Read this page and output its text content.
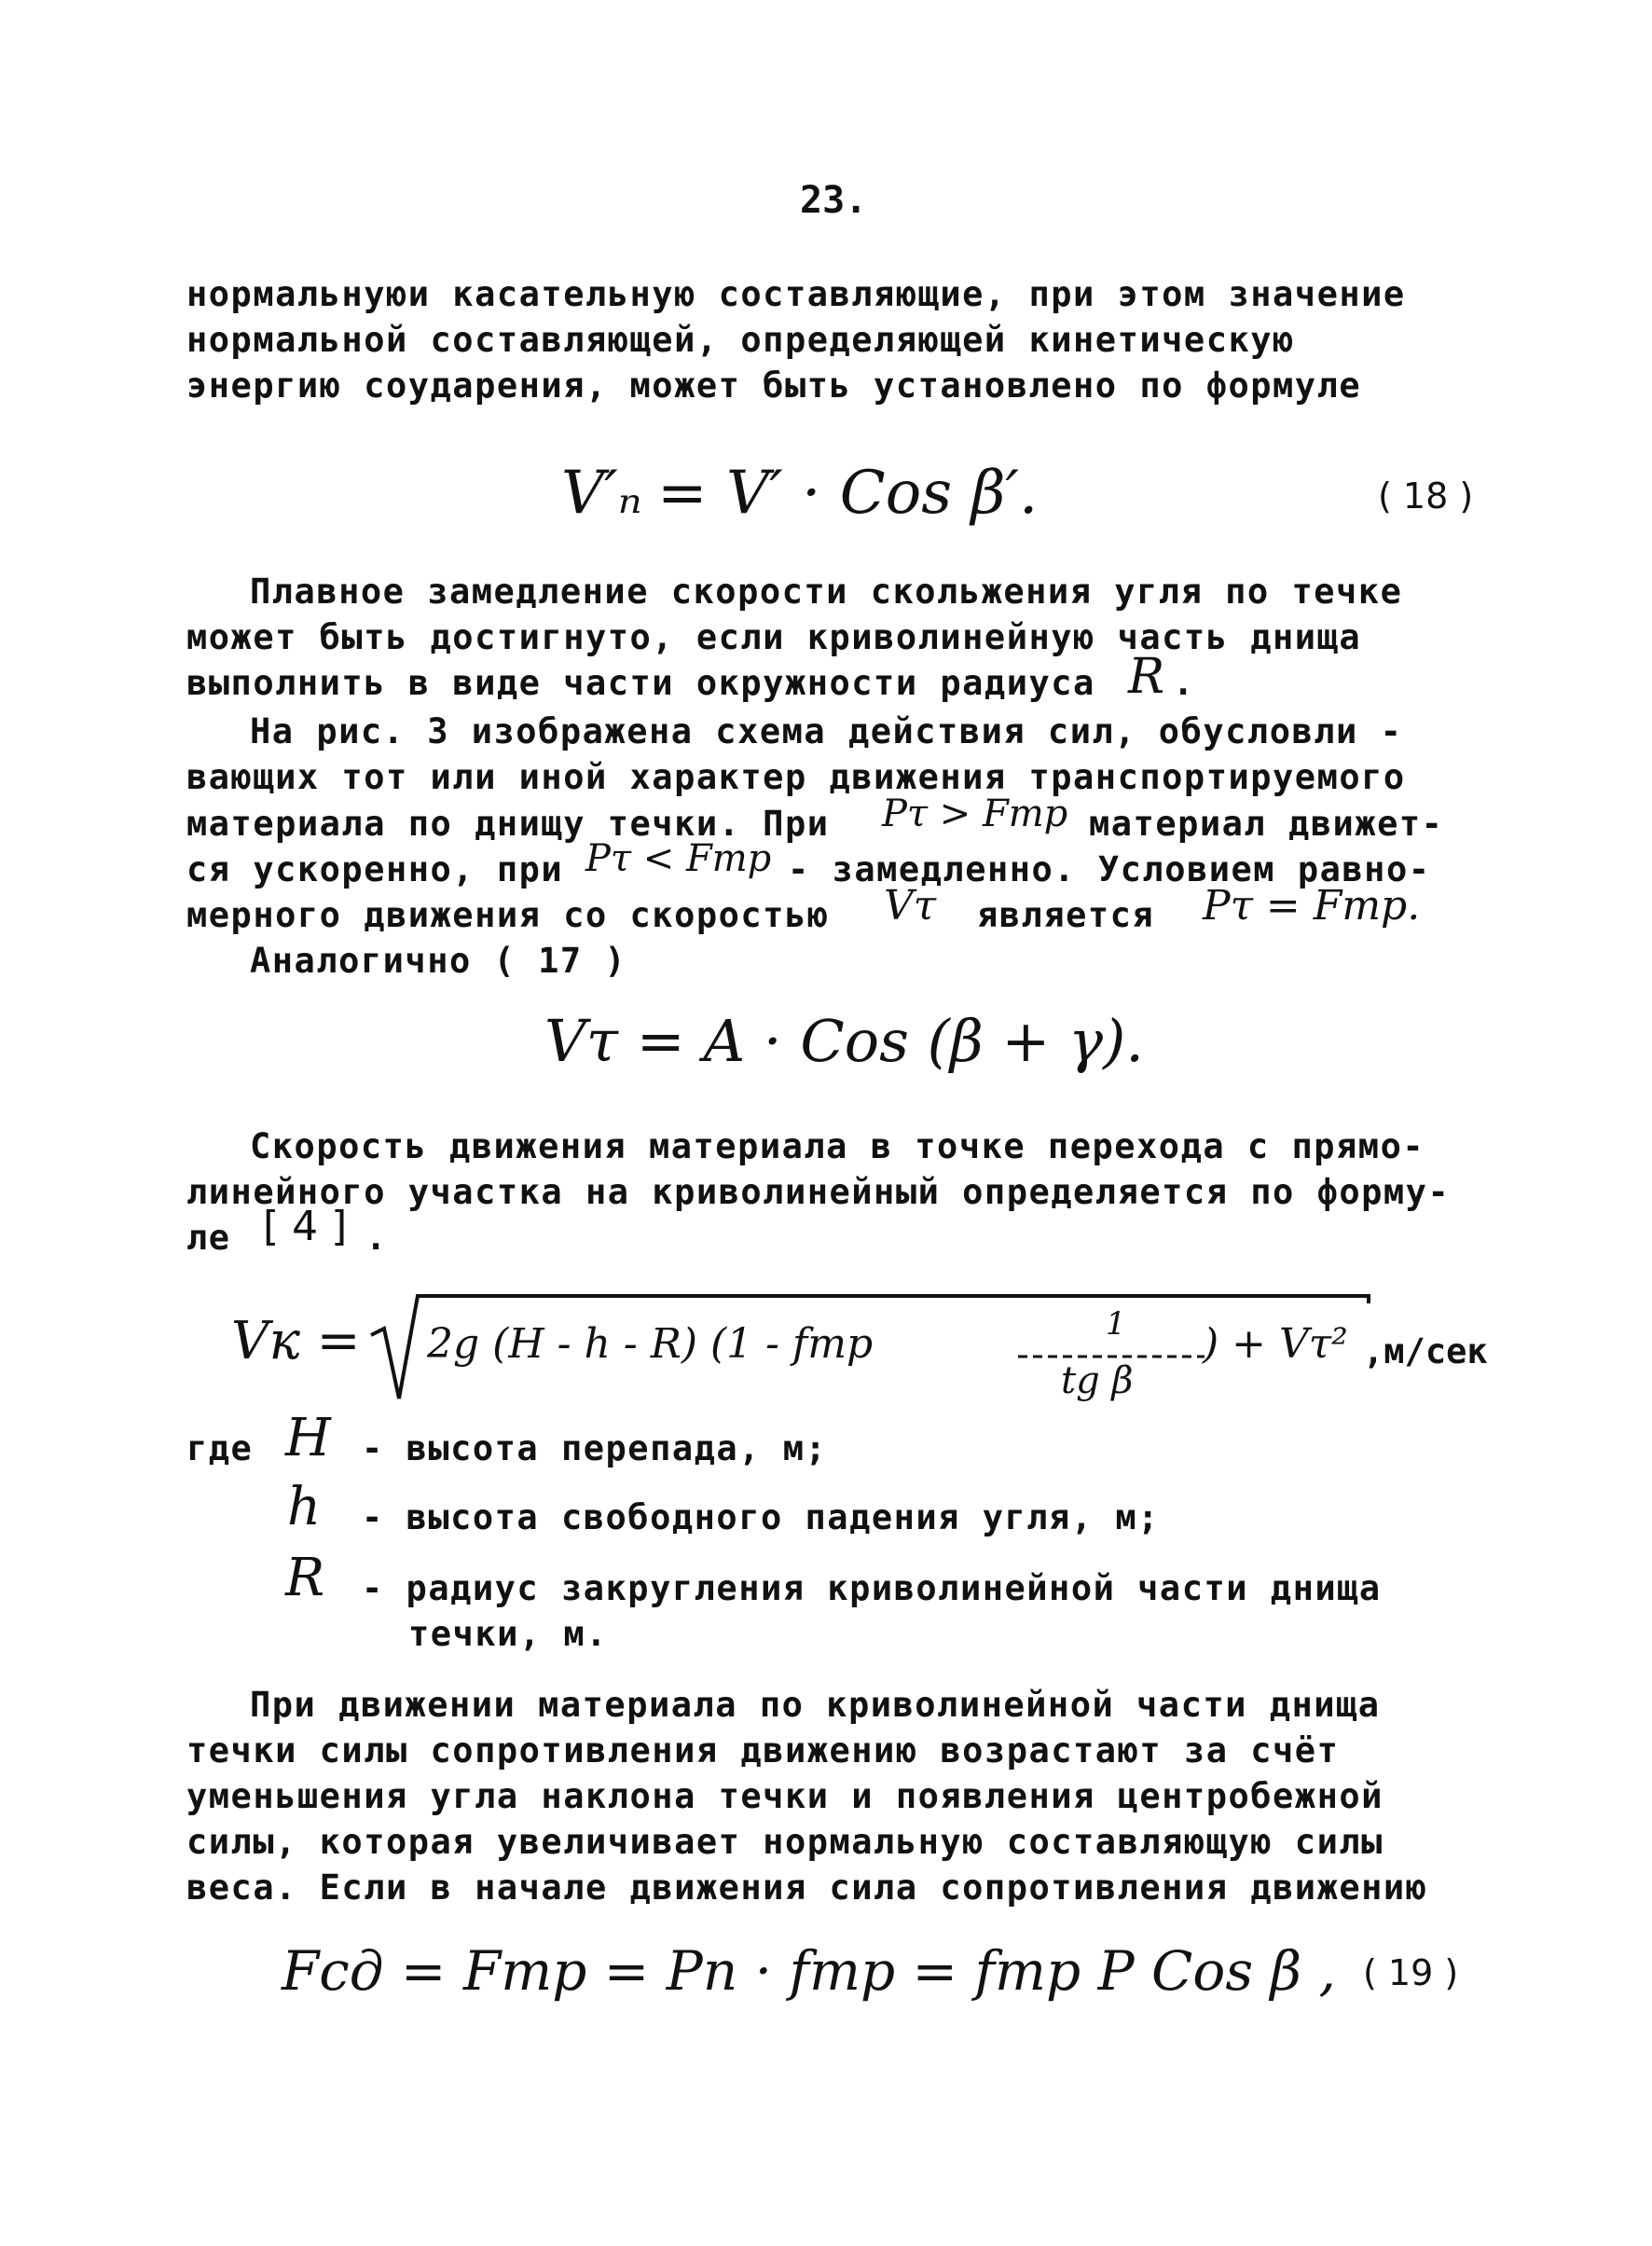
23.
нормальнуюи касательную составляющие, при этом значение
нормальной составляющей, определяющей кинетическую
энергию соударения, может быть установлено по формуле
V′ₙ = V′ · Cos β′.	( 18 )
Плавное замедление скорости скольжения угля по течке
может быть достигнуто, если криволинейную часть днища
выполнить в виде части окружности радиуса R .
На рис. 3 изображена схема действия сил, обусловли -
вающих тот или иной характер движения транспортируемого
материала по днищу течки. При Pτ > Fтр материал движет-
ся ускоренно, при Pτ < Fтр - замедленно. Условием равно-
мерного движения со скоростью Vτ является Pτ = Fтр.
Аналогично ( 17 )
Vτ = A · Cos (β + γ).
Скорость движения материала в точке перехода с прямо-
линейного участка на криволинейный определяется по форму-
ле [ 4 ] .
Vк = 2g (H - h - R) (1 - fтр	1
tg β
) + Vτ² ,м/сек
где H - высота перепада, м;
h - высота свободного падения угля, м;
R - радиус закругления криволинейной части днища
течки, м.
При движении материала по криволинейной части днища
течки силы сопротивления движению возрастают за счёт
уменьшения угла наклона течки и появления центробежной
силы, которая увеличивает нормальную составляющую силы
веса. Если в начале движения сила сопротивления движению
Fсд = Fтр = Pn · fтр = fтр P Cos β , ( 19 )
